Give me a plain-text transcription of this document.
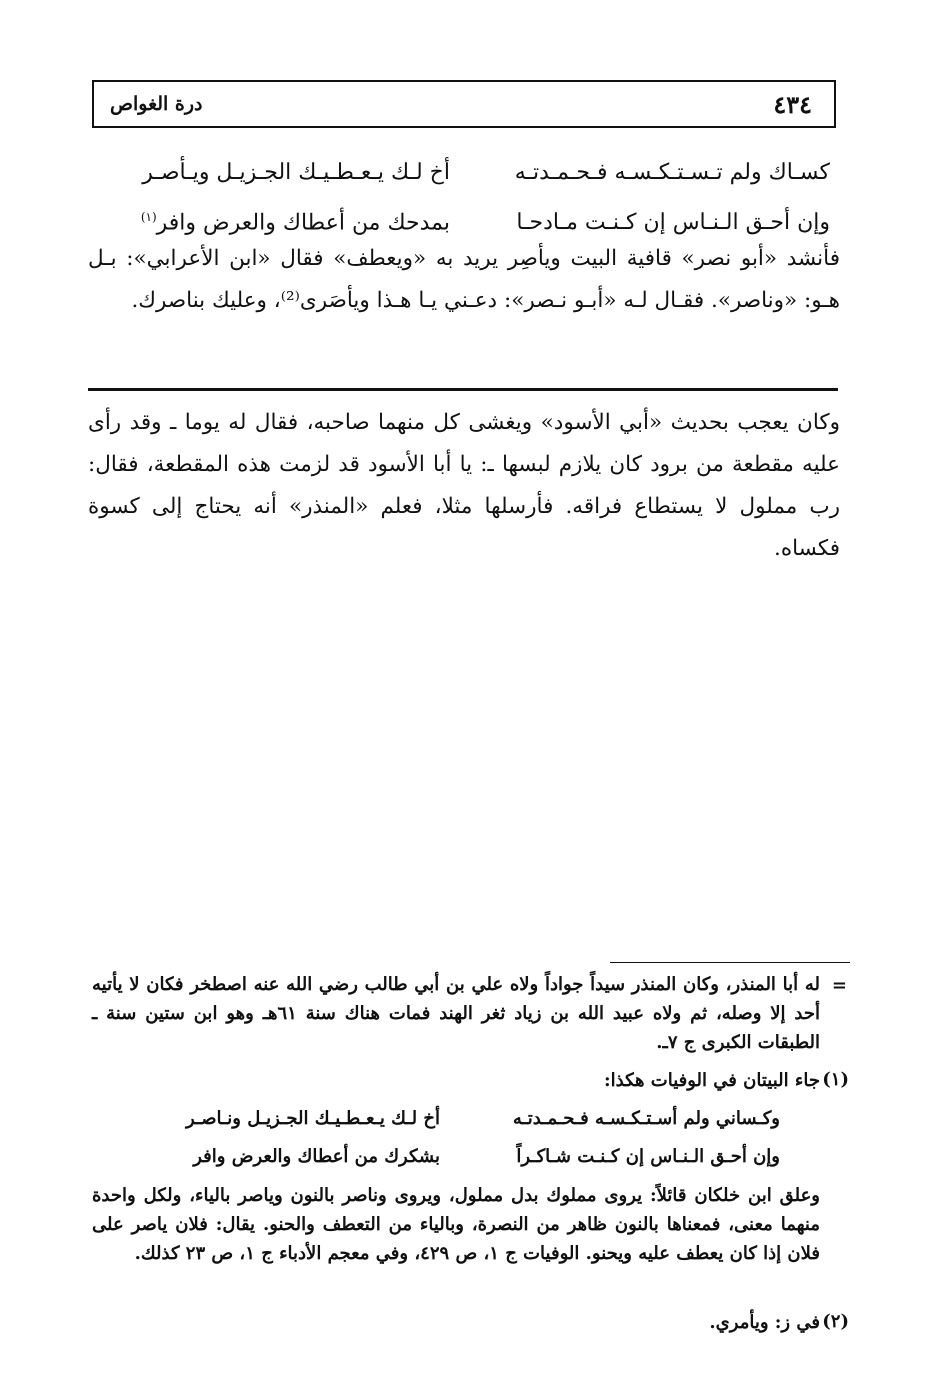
٤٣٤
درة الغواص
كسـاك ولم تـسـتـكـسـه فـحـمـدتـه
أخ لـك يـعـطـيـك الجـزيـل ويـأصـر
وإن أحـق الـنـاس إن كـنـت مـادحـا
بمدحك من أعطاك والعرض وافر$^{(١)}$

فأنشد «أبو نصر» قافية البيت ويأصِر يريد به «ويعطف» فقال «ابن الأعرابي»: بـل هـو: «وناصر». فقـال لـه «أبـو نـصر»: دعـني يـا هـذا ويأصَرى⁽²⁾، وعليك بناصرك.

وكان يعجب بحديث «أبي الأسود» ويغشى كل منهما صاحبه، فقال له يوما ـ وقد رأى عليه مقطعة من برود كان يلازم لبسها ـ: يا أبا الأسود قد لزمت هذه المقطعة، فقال: رب مملول لا يستطاع فراقه. فأرسلها مثلا، فعلم «المنذر» أنه يحتاج إلى كسوة فكساه.

=

له أبا المنذر، وكان المنذر سيداً جواداً ولاه علي بن أبي طالب رضي الله عنه اصطخر فكان لا يأتيه أحد إلا وصله، ثم ولاه عبيد الله بن زياد ثغر الهند فمات هناك سنة ٦١هـ وهو ابن ستين سنة ـ الطبقات الكبرى ج ٧ـ.

(١)

جاء البيتان في الوفيات هكذا:

وكـساني ولم أسـتـكـسـه فـحـمـدتـه
أخ لـك يـعـطـيـك الجـزيـل ونـاصـر
وإن أحـق الـنـاس إن كـنـت شـاكـراً
بشكرك من أعطاك والعرض وافر

وعلق ابن خلكان قائلاً: يروى مملوك بدل مملول، ويروى وناصر بالنون وياصر بالياء، ولكل واحدة منهما معنى، فمعناها بالنون ظاهر من النصرة، وبالياء من التعطف والحنو. يقال: فلان ياصر على فلان إذا كان يعطف عليه ويحنو. الوفيات ج ١، ص ٤٢٩، وفي معجم الأدباء ج ١، ص ٢٣ كذلك.

(٢)

في ز: ويأمري.
